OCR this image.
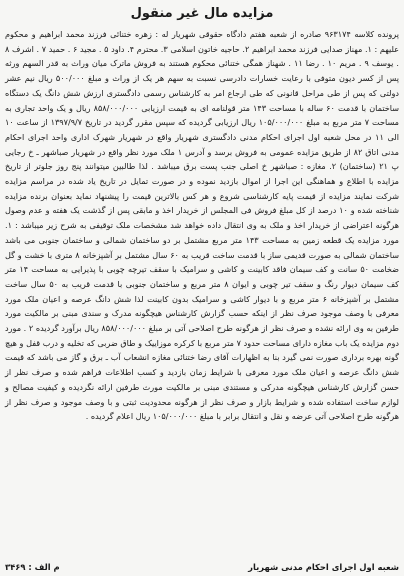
مزایده مال غیر منقول

پرونده کلاسه ۹۶۳۱۷۴ صادره از شعبه هفتم دادگاه حقوقی شهریار له : زهره ختنائی فرزند محمد ابراهیم و محکوم علیهم : ۱. مهناز صدایی فرزند محمد ابراهیم ۲. حاجیه خاتون اسلامی ۳. محترم ۴. داود ۵ . مجید ۶ . حمید ۷ . اشرف ۸ . یوسف ۹ . مریم ۱۰ . رضا ۱۱ . شهناز همگی ختنائی محکوم هستند به فروش ماترک میان وراث به قدر السهم ورثه پس از کسر دیون متوفی با رعایت خسارات دادرسی نسبت به سهم هر یک از وراث و مبلغ ۵۰۰/۰۰۰ ریال نیم عشر دولتی که پس از طی مراحل قانونی که طی ارجاع امر به کارشناس رسمی دادگستری ارزش شش دانگ یک دستگاه ساختمان با قدمت ۶۰ ساله با مساحت ۱۴۳ متر قولنامه ای به قیمت ارزیابی ۸۵۸/۰۰۰/۰۰۰ ریال و یک واحد تجاری به مساحت ۷ متر مربع به مبلغ ۱۰۵/۰۰۰/۰۰۰ ریال ارزیابی گردیده که سپس مقرر گردید در تاریخ ۱۳۹۷/۹/۷ از ساعت ۱۰ الی ۱۱ در محل شعبه اول اجرای احکام مدنی دادگستری شهریار واقع در شهریار شهرک اداری واحد اجرای احکام مدنی اتاق ۸۲ از طریق مزایده عمومی به فروش برسد و آدرس ۱ ملک مورد نظر واقع در شهریار صباشهر ـ خ رجایی پ ۲۱ (ساختمان) ۲. مغازه : صباشهر خ اصلی جنب پست برق میباشد . لذا طالبین میتوانند پنج روز جلوتر از تاریخ مزایده با اطلاع و هماهنگی این اجرا از اموال بازدید نموده و در صورت تمایل در تاریخ یاد شده در مراسم مزایده شرکت نمایند مزایده از قیمت پایه کارشناسی شروع و هر کس بالاترین قیمت را پیشنهاد نماید بعنوان برنده مزایده شناخته شده و ۱۰ درصد از کل مبلغ فروش فی المجلس از خریدار اخذ و مابقی پس از گذشت یک هفته و عدم وصول هرگونه اعتراضی از خریدار اخذ و ملک به وی انتقال داده خواهد شد مشخصات ملک توقیفی به شرح زیر میباشد : ۱. مورد مزایده یک قطعه زمین به مساحت ۱۴۳ متر مربع مشتمل بر دو ساختمان شمالی و ساختمان جنوبی می باشد ساختمان شمالی به صورت قدیمی ساز با قدمت ساخت قریب به ۶۰ سال مشتمل بر آشپزخانه ۸ متری با خشت و گل ضخامت ۵۰ سانت و کف سیمان فاقد کابینت و کاشی و سرامیک با سقف تیرچه چوبی با پذیرایی به مساحت ۱۴ متر کف سیمان دیوار رنگ و سقف تیر چوبی و ایوان ۸ متر مربع و ساختمان جنوبی با قدمت قریب به ۵۰ سال ساخت مشتمل بر آشپزخانه ۶ متر مربع و با دیوار کاشی و سرامیک بدون کابینت لذا شش دانگ عرصه و اعیان ملک مورد معرفی با وصف موجود صرف نظر از اینکه حسب گزارش کارشناس هیچگونه مدرک و سندی مبنی بر مالکیت مورد طرفین به وی ارائه نشده و صرف نظر از هرگونه طرح اصلاحی آتی بر مبلغ ۸۵۸/۰۰۰/۰۰۰ ریال برآورد گردیده ۲ . مورد دوم مزایده یک باب مغازه دارای مساحت حدود ۷ متر مربع با کرکره موزاییک و طاق ضربی که تخلیه و درب قفل و هیچ گونه بهره برداری صورت نمی گیرد بنا به اظهارات آقای رضا ختنائی مغازه انشعاب آب ـ برق و گاز می باشد که قیمت شش دانگ عرصه و اعیان ملک مورد معرفی با شرایط زمان بازدید و کسب اطلاعات فراهم شده و صرف نظر از حسن گزارش کارشناس هیچگونه مدرکی و مستندی مبنی بر مالکیت مورث طرفین ارائه نگردیده و کیفیت مصالح و لوازم ساخت استفاده شده و شرایط بازار و صرف نظر از هرگونه محدودیت ثبتی و با وصف موجود و صرف نظر از هرگونه طرح اصلاحی آتی عرضه و نقل و انتقال برابر با مبلغ ۱۰۵/۰۰۰/۰۰۰ ریال اعلام گردیده .

شعبه اول اجرای احکام مدنی شهریار
م الف : ۳۴۶۹
